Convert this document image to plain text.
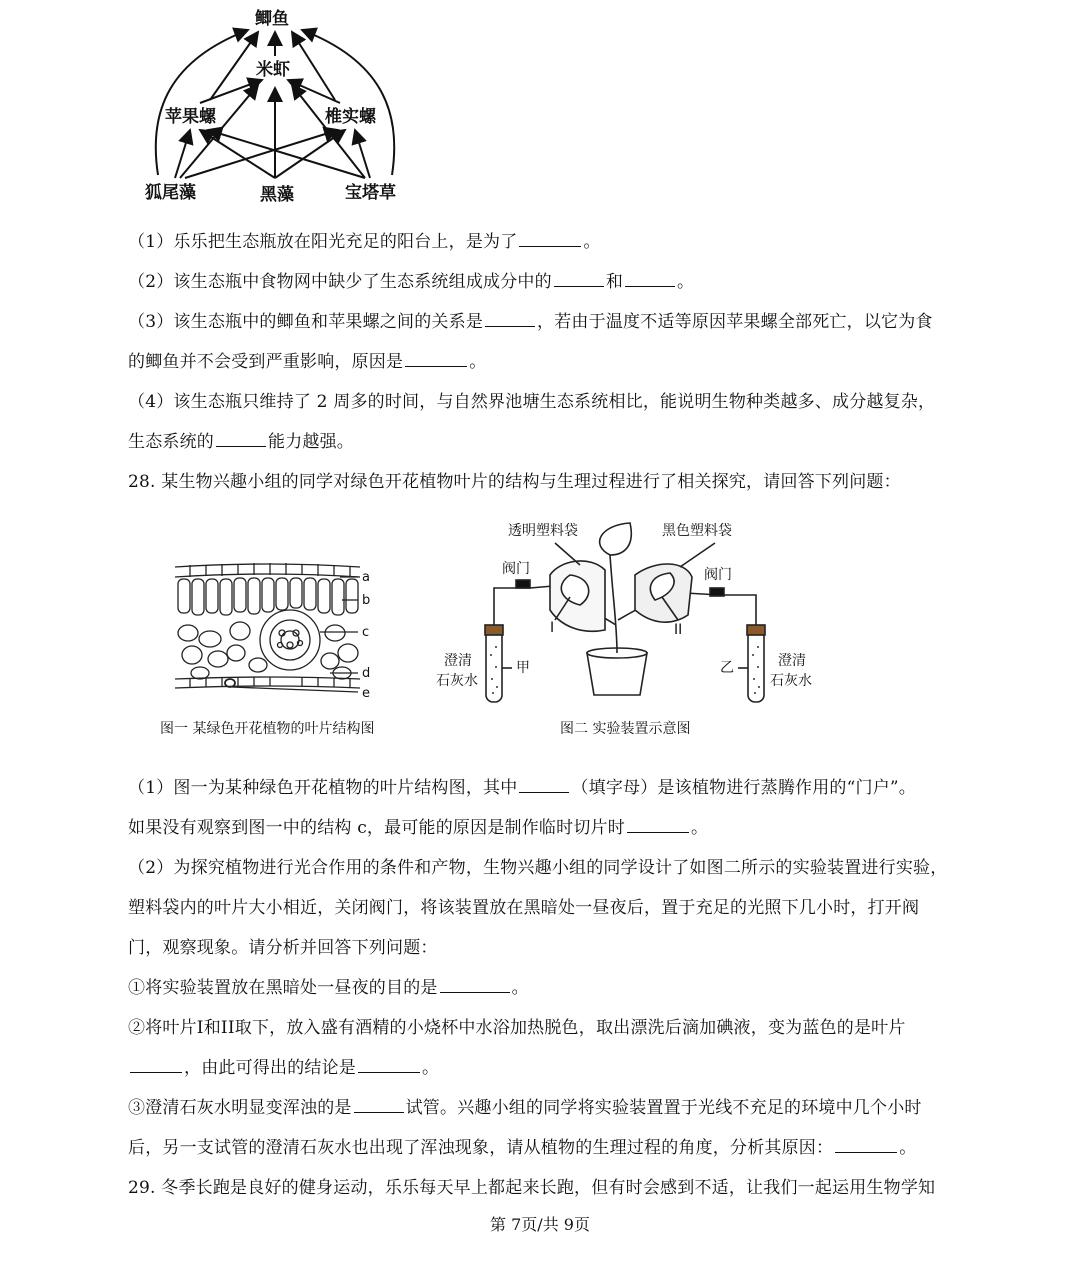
鲫鱼
米虾
苹果螺	椎实螺
狐尾藻	黑藻	宝塔草
（1）乐乐把生态瓶放在阳光充足的阳台上，是为了	。
（2）该生态瓶中食物网中缺少了生态系统组成成分中的	和	。
（3）该生态瓶中的鲫鱼和苹果螺之间的关系是	，若由于温度不适等原因苹果螺全部死亡，以它为食
的鲫鱼并不会受到严重影响，原因是	。
（4）该生态瓶只维持了 2 周多的时间，与自然界池塘生态系统相比，能说明生物种类越多、成分越复杂，
生态系统的	能力越强。
28. 某生物兴趣小组的同学对绿色开花植物叶片的结构与生理过程进行了相关探究，请回答下列问题：
a
b
c
d
e
图一 某绿色开花植物的叶片结构图
透明塑料袋	黑色塑料袋
阀门	阀门
I	II
甲	乙
澄清
石灰水
澄清
石灰水
图二 实验装置示意图
（1）图一为某种绿色开花植物的叶片结构图，其中	（填字母）是该植物进行蒸腾作用的“门户”。
如果没有观察到图一中的结构 c，最可能的原因是制作临时切片时	。
（2）为探究植物进行光合作用的条件和产物，生物兴趣小组的同学设计了如图二所示的实验装置进行实验，
塑料袋内的叶片大小相近，关闭阀门，将该装置放在黑暗处一昼夜后，置于充足的光照下几小时，打开阀
门，观察现象。请分析并回答下列问题：
①将实验装置放在黑暗处一昼夜的目的是	。
②将叶片I和II取下，放入盛有酒精的小烧杯中水浴加热脱色，取出漂洗后滴加碘液，变为蓝色的是叶片
，由此可得出的结论是	。
③澄清石灰水明显变浑浊的是	试管。兴趣小组的同学将实验装置置于光线不充足的环境中几个小时
后，另一支试管的澄清石灰水也出现了浑浊现象，请从植物的生理过程的角度，分析其原因：	。
29. 冬季长跑是良好的健身运动，乐乐每天早上都起来长跑，但有时会感到不适，让我们一起运用生物学知
第 7页/共 9页
